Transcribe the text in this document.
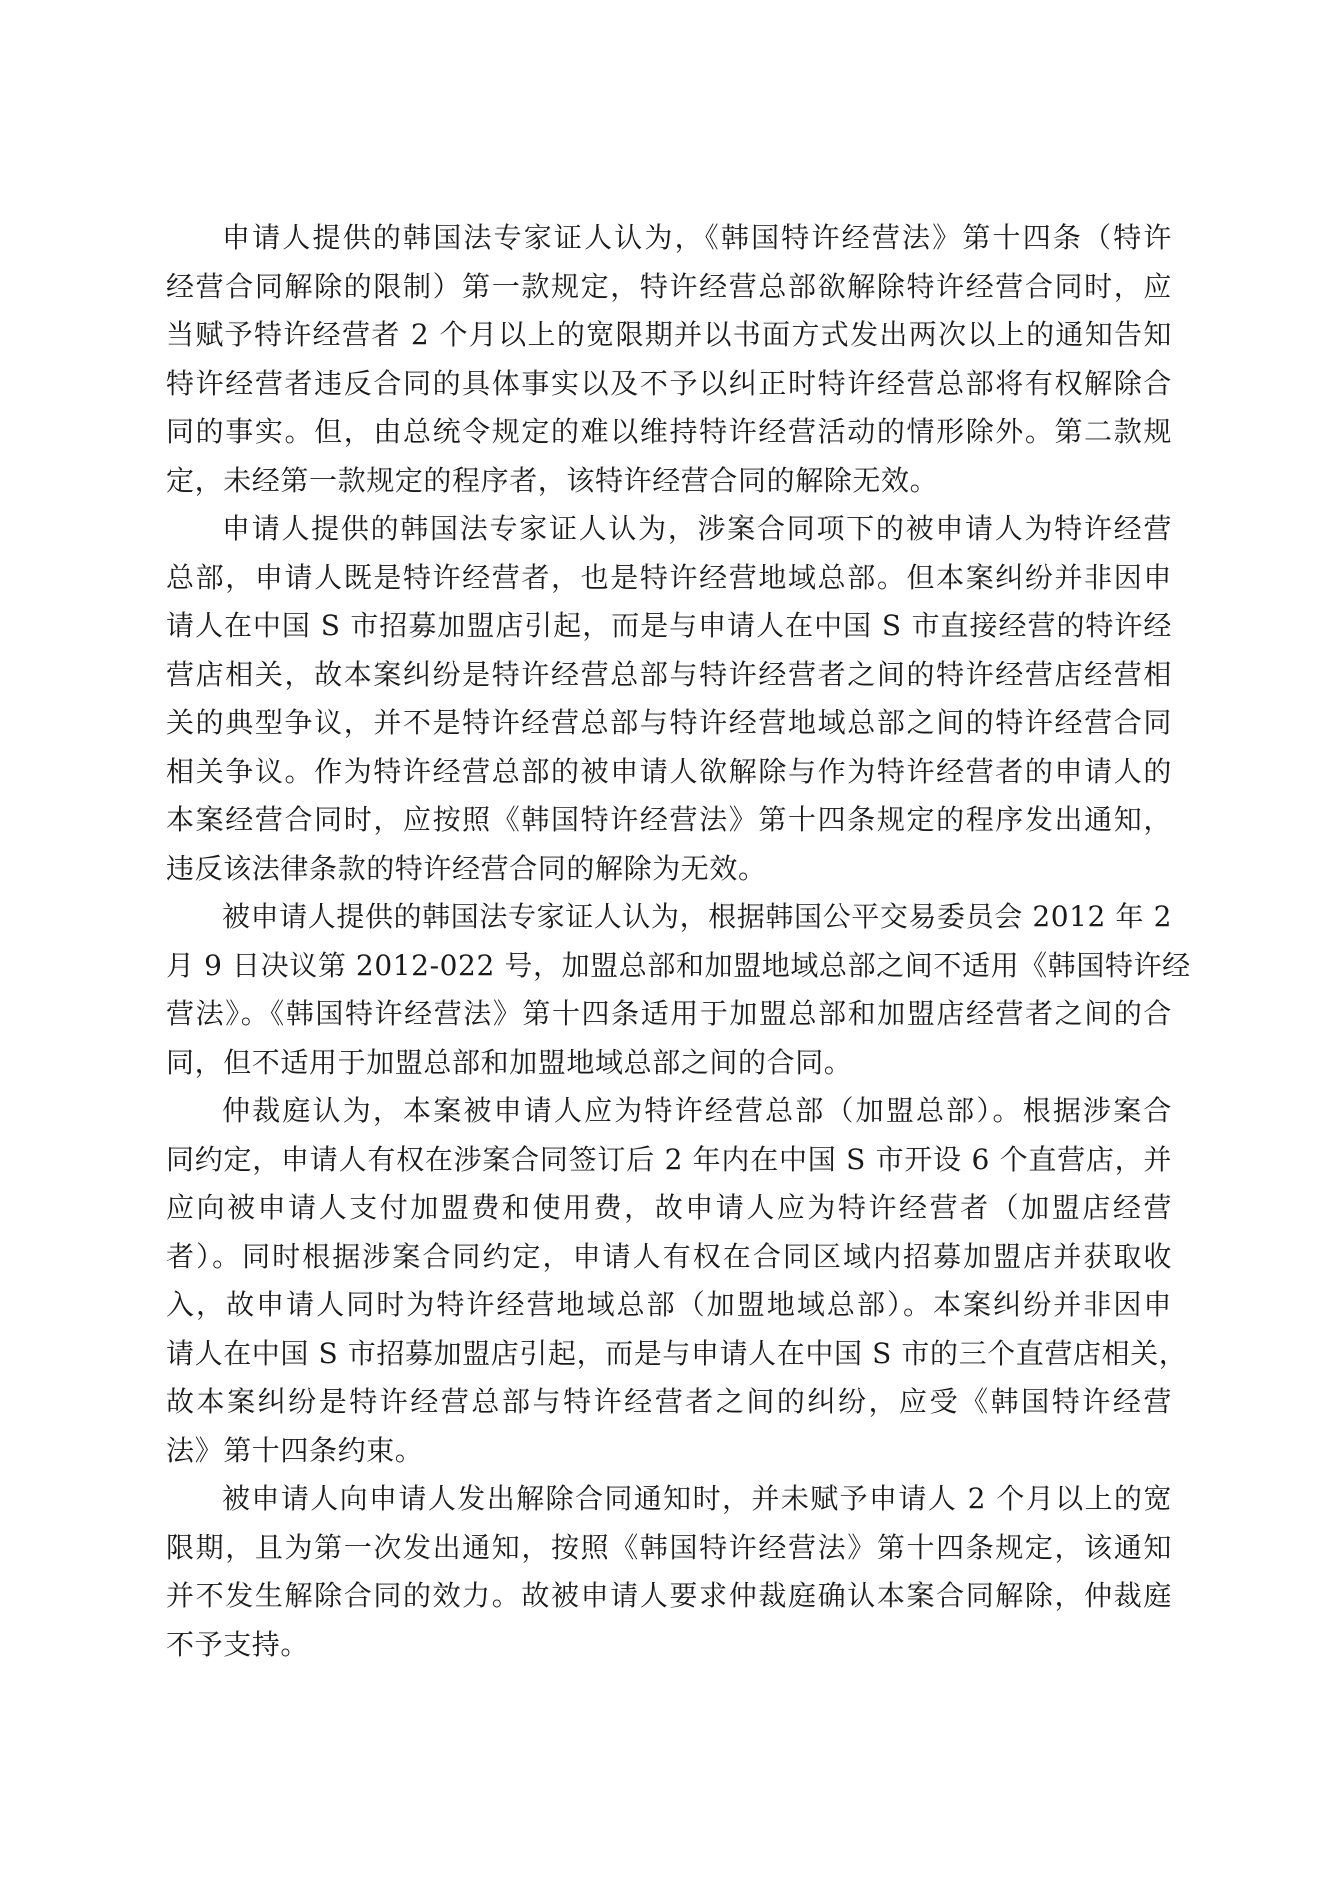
申请人提供的韩国法专家证人认为，《韩国特许经营法》第十四条（特许
经营合同解除的限制）第一款规定，特许经营总部欲解除特许经营合同时，应
当赋予特许经营者 2 个月以上的宽限期并以书面方式发出两次以上的通知告知
特许经营者违反合同的具体事实以及不予以纠正时特许经营总部将有权解除合
同的事实。但，由总统令规定的难以维持特许经营活动的情形除外。第二款规
定，未经第一款规定的程序者，该特许经营合同的解除无效。
申请人提供的韩国法专家证人认为，涉案合同项下的被申请人为特许经营
总部，申请人既是特许经营者，也是特许经营地域总部。但本案纠纷并非因申
请人在中国 S 市招募加盟店引起，而是与申请人在中国 S 市直接经营的特许经
营店相关，故本案纠纷是特许经营总部与特许经营者之间的特许经营店经营相
关的典型争议，并不是特许经营总部与特许经营地域总部之间的特许经营合同
相关争议。作为特许经营总部的被申请人欲解除与作为特许经营者的申请人的
本案经营合同时，应按照《韩国特许经营法》第十四条规定的程序发出通知，
违反该法律条款的特许经营合同的解除为无效。
被申请人提供的韩国法专家证人认为，根据韩国公平交易委员会 2012 年 2
月 9 日决议第 2012-022 号，加盟总部和加盟地域总部之间不适用《韩国特许经
营法》。《韩国特许经营法》第十四条适用于加盟总部和加盟店经营者之间的合
同，但不适用于加盟总部和加盟地域总部之间的合同。
仲裁庭认为，本案被申请人应为特许经营总部（加盟总部）。根据涉案合
同约定，申请人有权在涉案合同签订后 2 年内在中国 S 市开设 6 个直营店，并
应向被申请人支付加盟费和使用费，故申请人应为特许经营者（加盟店经营
者）。同时根据涉案合同约定，申请人有权在合同区域内招募加盟店并获取收
入，故申请人同时为特许经营地域总部（加盟地域总部）。本案纠纷并非因申
请人在中国 S 市招募加盟店引起，而是与申请人在中国 S 市的三个直营店相关，
故本案纠纷是特许经营总部与特许经营者之间的纠纷，应受《韩国特许经营
法》第十四条约束。
被申请人向申请人发出解除合同通知时，并未赋予申请人 2 个月以上的宽
限期，且为第一次发出通知，按照《韩国特许经营法》第十四条规定，该通知
并不发生解除合同的效力。故被申请人要求仲裁庭确认本案合同解除，仲裁庭
不予支持。
